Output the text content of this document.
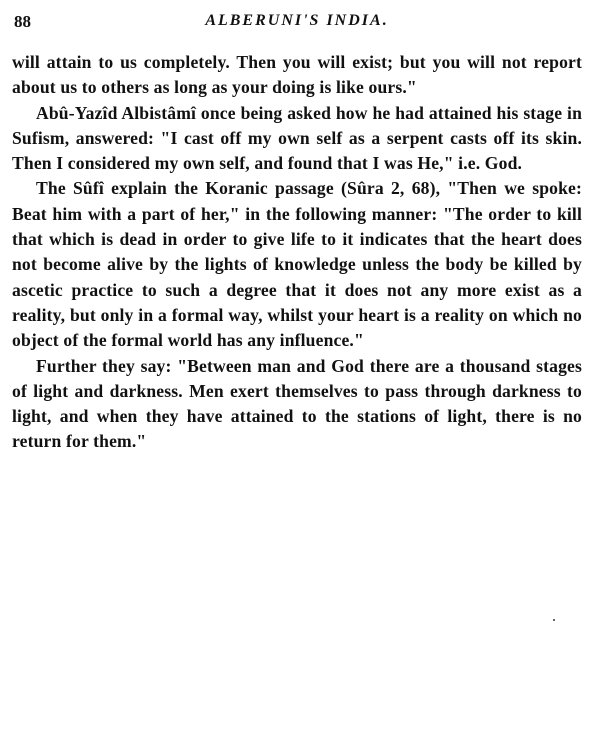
88	ALBERUNI'S INDIA.

will attain to us completely. Then you will exist; but you will not report about us to others as long as your doing is like ours."

Abû-Yazîd Albistâmî once being asked how he had attained his stage in Sufism, answered: "I cast off my own self as a serpent casts off its skin. Then I considered my own self, and found that I was He," i.e. God.

The Sûfî explain the Koranic passage (Sûra 2, 68), "Then we spoke: Beat him with a part of her," in the following manner: "The order to kill that which is dead in order to give life to it indicates that the heart does not become alive by the lights of knowledge unless the body be killed by ascetic practice to such a degree that it does not any more exist as a reality, but only in a formal way, whilst your heart is a reality on which no object of the formal world has any influence."

Further they say: "Between man and God there are a thousand stages of light and darkness. Men exert themselves to pass through darkness to light, and when they have attained to the stations of light, there is no return for them."
